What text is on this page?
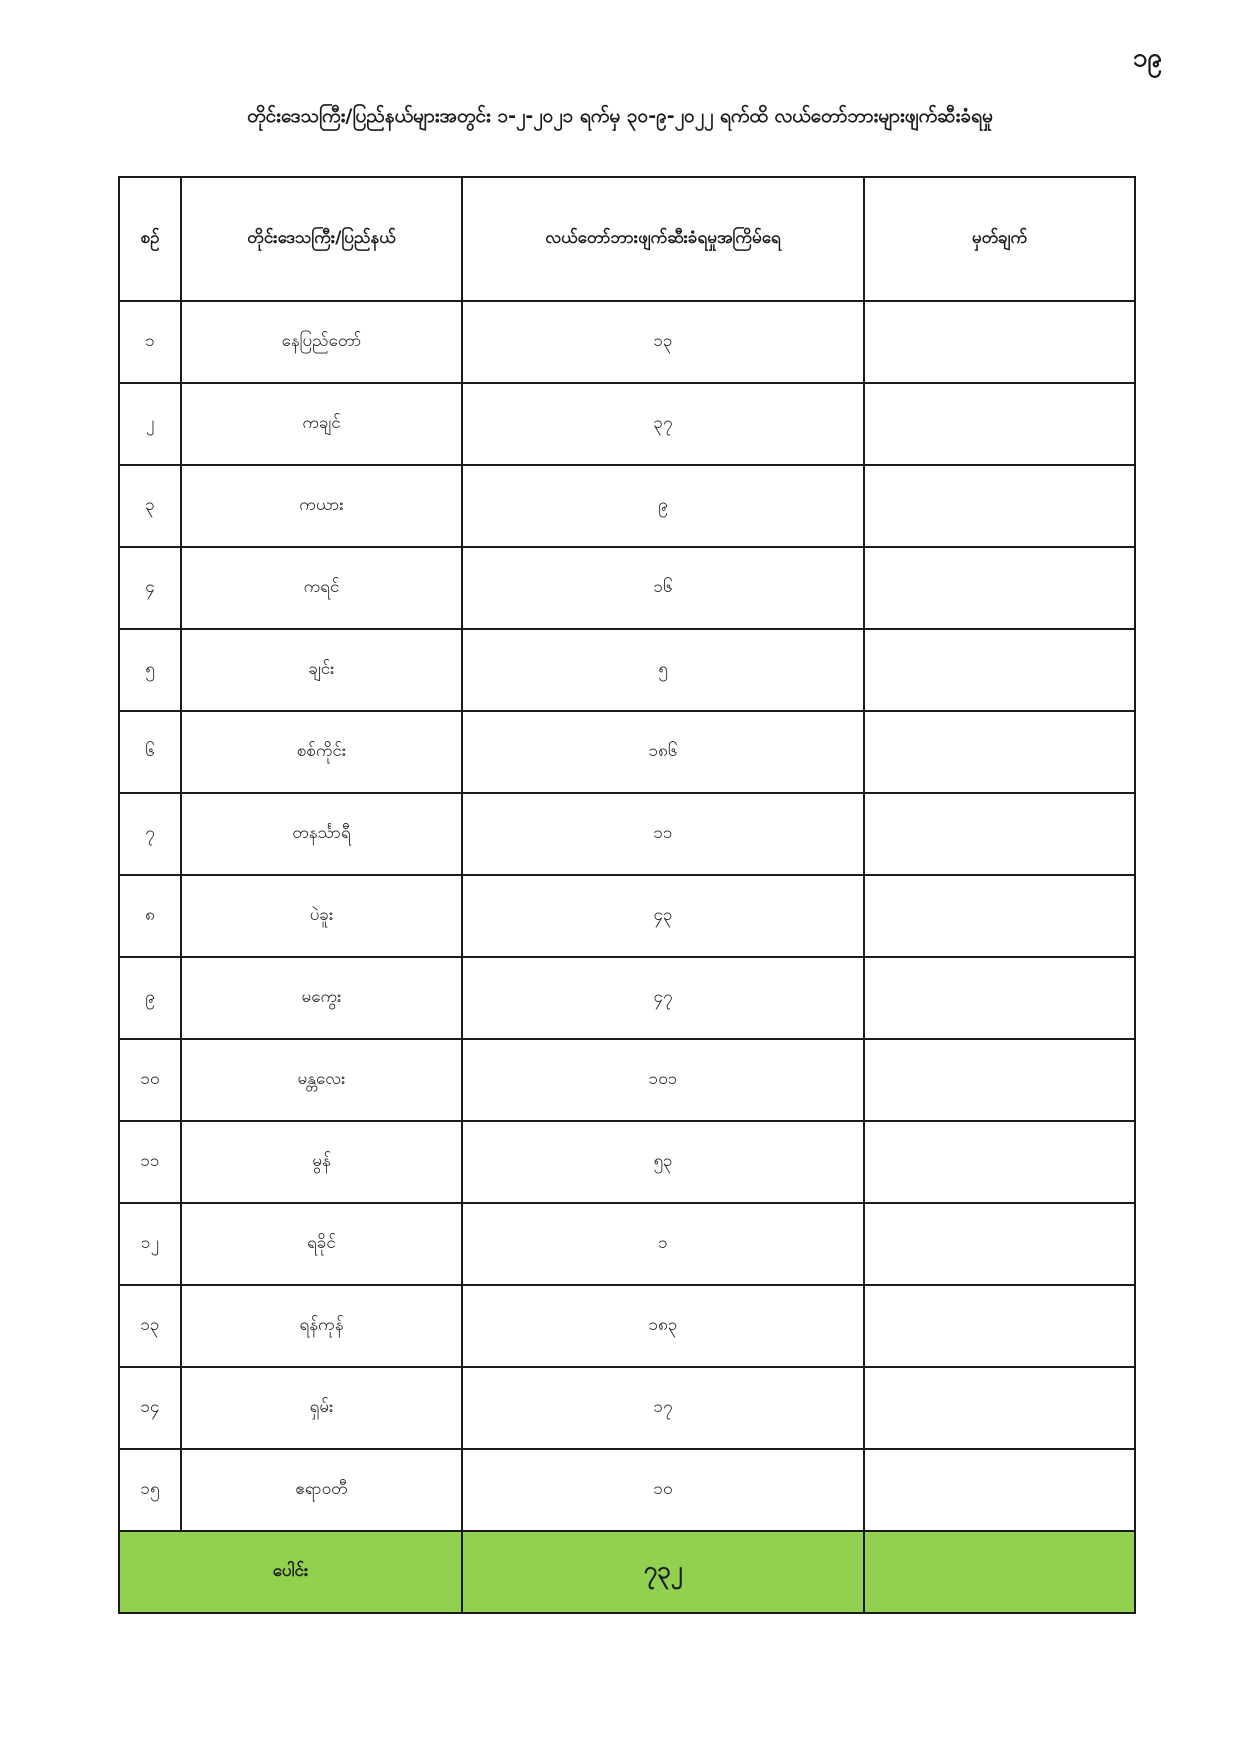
၁၉
တိုင်းဒေသကြီး/ပြည်နယ်များအတွင်း ၁-၂-၂၀၂၁ ရက်မှ ၃၀-၉-၂၀၂၂ ရက်ထိ လယ်တော်ဘားများဖျက်ဆီးခံရမှု
စဉ်	တိုင်းဒေသကြီး/ပြည်နယ်	လယ်တော်ဘားဖျက်ဆီးခံရမှုအကြိမ်ရေ	မှတ်ချက်
၁	နေပြည်တော်	၁၃	
၂	ကချင်	၃၇	
၃	ကယား	၉	
၄	ကရင်	၁၆	
၅	ချင်း	၅	
၆	စစ်ကိုင်း	၁၈၆	
၇	တနင်္သာရီ	၁၁	
၈	ပဲခူး	၄၃	
၉	မကွေး	၄၇	
၁၀	မန္တလေး	၁၀၁	
၁၁	မွန်	၅၃	
၁၂	ရခိုင်	၁	
၁၃	ရန်ကုန်	၁၈၃	
၁၄	ရှမ်း	၁၇	
၁၅	ဧရာဝတီ	၁၀	
ပေါင်း		၇၃၂	
